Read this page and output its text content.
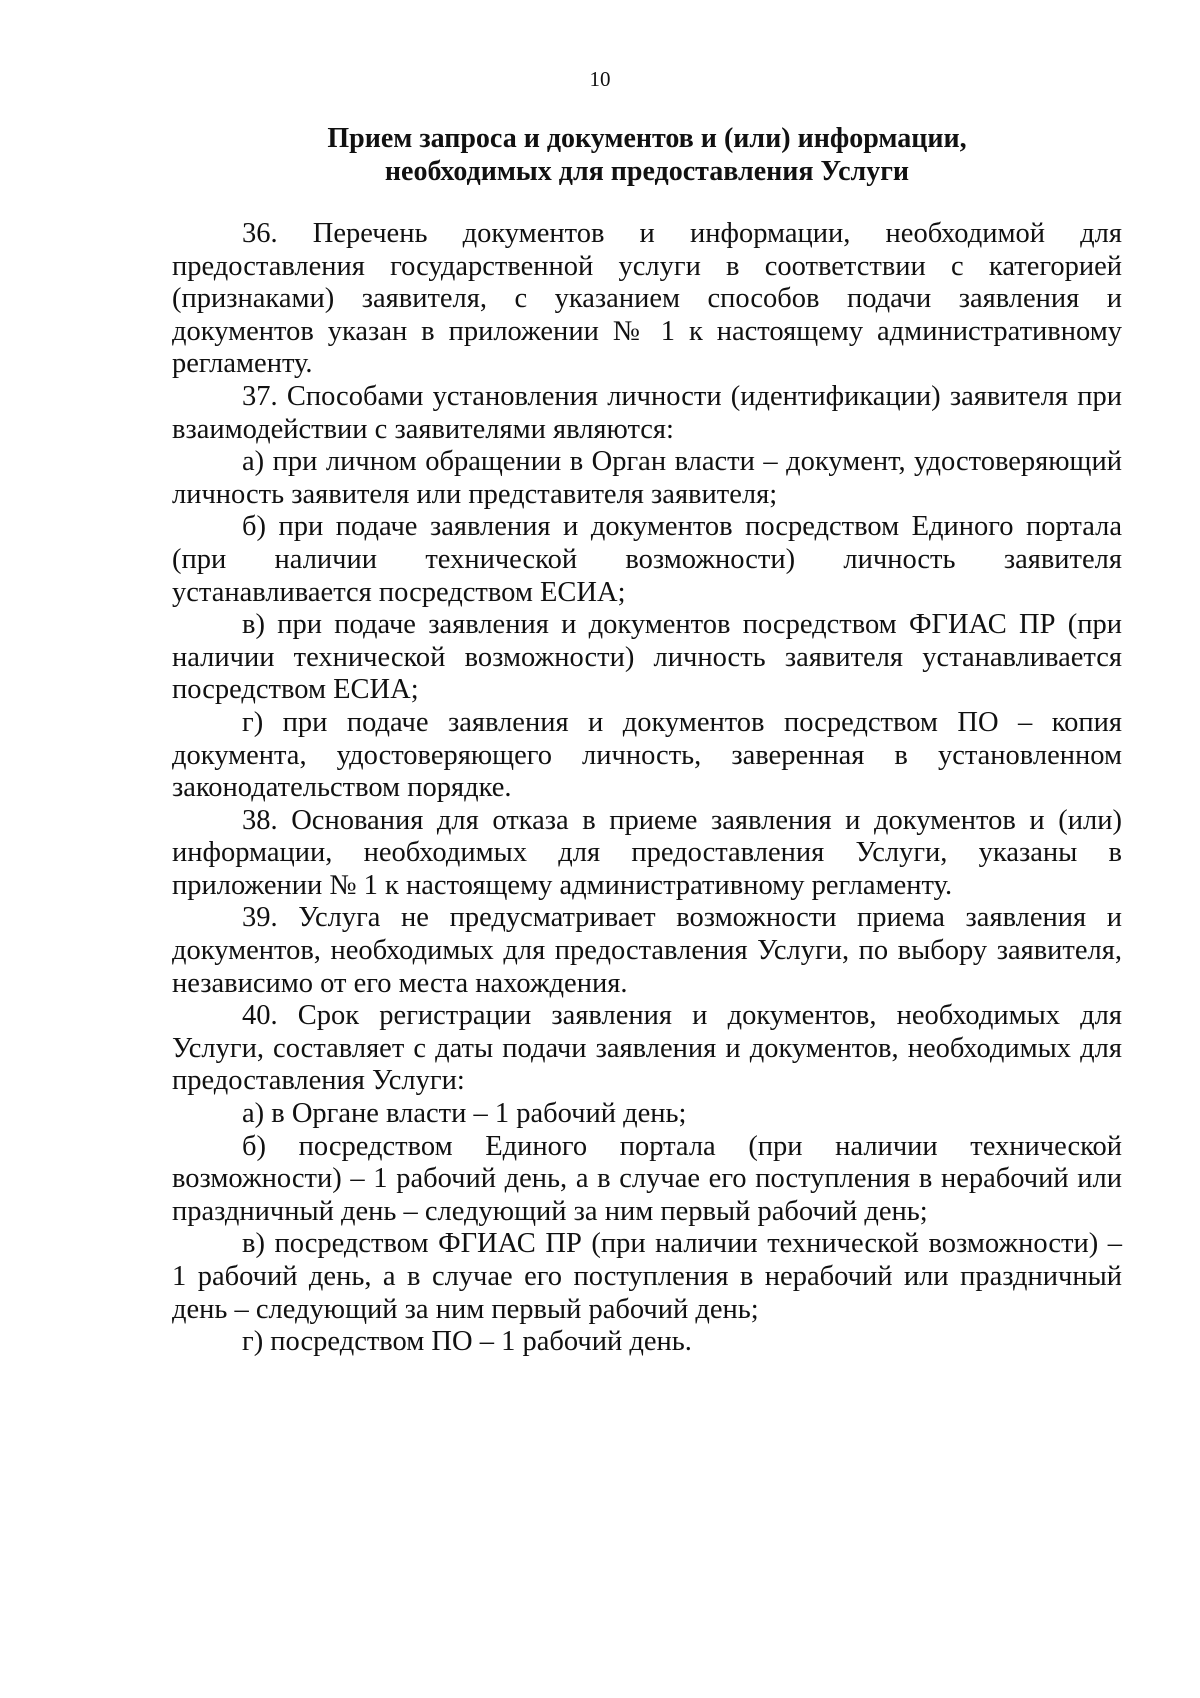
10
Прием запроса и документов и (или) информации,
необходимых для предоставления Услуги

36. Перечень документов и информации, необходимой для предоставления государственной услуги в соответствии с категорией (признаками) заявителя, с указанием способов подачи заявления и документов указан в приложении № 1 к настоящему административному регламенту.

37. Способами установления личности (идентификации) заявителя при взаимодействии с заявителями являются:

а) при личном обращении в Орган власти – документ, удостоверяющий личность заявителя или представителя заявителя;

б) при подаче заявления и документов посредством Единого портала (при наличии технической возможности) личность заявителя устанавливается посредством ЕСИА;

в) при подаче заявления и документов посредством ФГИАС ПР (при наличии технической возможности) личность заявителя устанавливается посредством ЕСИА;

г) при подаче заявления и документов посредством ПО – копия документа, удостоверяющего личность, заверенная в установленном законодательством порядке.

38. Основания для отказа в приеме заявления и документов и (или) информации, необходимых для предоставления Услуги, указаны в приложении № 1 к настоящему административному регламенту.

39. Услуга не предусматривает возможности приема заявления и документов, необходимых для предоставления Услуги, по выбору заявителя, независимо от его места нахождения.

40. Срок регистрации заявления и документов, необходимых для Услуги, составляет с даты подачи заявления и документов, необходимых для предоставления Услуги:

а) в Органе власти – 1 рабочий день;

б) посредством Единого портала (при наличии технической возможности) – 1 рабочий день, а в случае его поступления в нерабочий или праздничный день – следующий за ним первый рабочий день;

в) посредством ФГИАС ПР (при наличии технической возможности) – 1 рабочий день, а в случае его поступления в нерабочий или праздничный день – следующий за ним первый рабочий день;

г) посредством ПО – 1 рабочий день.
